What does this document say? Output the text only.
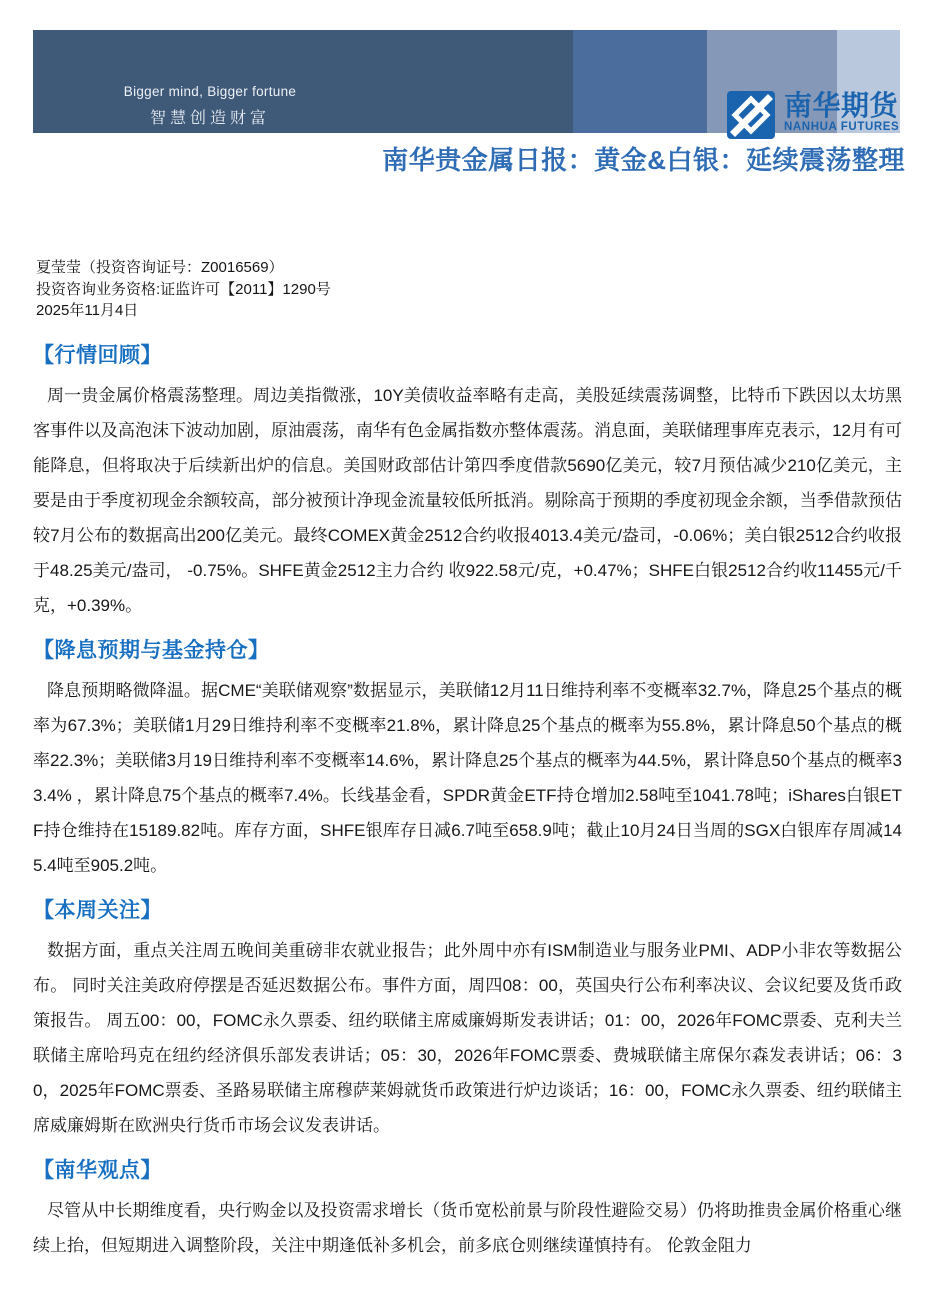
Bigger mind, Bigger fortune
智慧创造财富	南华期货
NANHUA FUTURES
南华贵金属日报：黄金&白银：延续震荡整理
夏莹莹（投资咨询证号：Z0016569）
投资咨询业务资格:证监许可【2011】1290号
2025年11月4日
【行情回顾】

周一贵金属价格震荡整理。周边美指微涨，10Y美债收益率略有走高，美股延续震荡调整，比特币下跌因以太坊黑客事件以及高泡沫下波动加剧，原油震荡，南华有色金属指数亦整体震荡。消息面，美联储理事库克表示，12月有可能降息，但将取决于后续新出炉的信息。美国财政部估计第四季度借款5690亿美元，较7月预估减少210亿美元，主要是由于季度初现金余额较高，部分被预计净现金流量较低所抵消。剔除高于预期的季度初现金余额，当季借款预估较7月公布的数据高出200亿美元。最终COMEX黄金2512合约收报4013.4美元/盎司，-0.06%；美白银2512合约收报于48.25美元/盎司， -0.75%。SHFE黄金2512主力合约 收922.58元/克，+0.47%；SHFE白银2512合约收11455元/千克，+0.39%。

【降息预期与基金持仓】

降息预期略微降温。据CME“美联储观察”数据显示，美联储12月11日维持利率不变概率32.7%，降息25个基点的概率为67.3%；美联储1月29日维持利率不变概率21.8%，累计降息25个基点的概率为55.8%，累计降息50个基点的概率22.3%；美联储3月19日维持利率不变概率14.6%，累计降息25个基点的概率为44.5%，累计降息50个基点的概率33.4% ，累计降息75个基点的概率7.4%。长线基金看，SPDR黄金ETF持仓增加2.58吨至1041.78吨；iShares白银ETF持仓维持在15189.82吨。库存方面，SHFE银库存日减6.7吨至658.9吨；截止10月24日当周的SGX白银库存周减145.4吨至905.2吨。

【本周关注】

数据方面，重点关注周五晚间美重磅非农就业报告；此外周中亦有ISM制造业与服务业PMI、ADP小非农等数据公布。 同时关注美政府停摆是否延迟数据公布。事件方面，周四08：00，英国央行公布利率决议、会议纪要及货币政策报告。 周五00：00，FOMC永久票委、纽约联储主席威廉姆斯发表讲话；01：00，2026年FOMC票委、克利夫兰联储主席哈玛克在纽约经济俱乐部发表讲话；05：30，2026年FOMC票委、费城联储主席保尔森发表讲话；06：30，2025年FOMC票委、圣路易联储主席穆萨莱姆就货币政策进行炉边谈话；16：00，FOMC永久票委、纽约联储主席威廉姆斯在欧洲央行货币市场会议发表讲话。

【南华观点】

尽管从中长期维度看，央行购金以及投资需求增长（货币宽松前景与阶段性避险交易）仍将助推贵金属价格重心继续上抬，但短期进入调整阶段，关注中期逢低补多机会，前多底仓则继续谨慎持有。 伦敦金阻力
